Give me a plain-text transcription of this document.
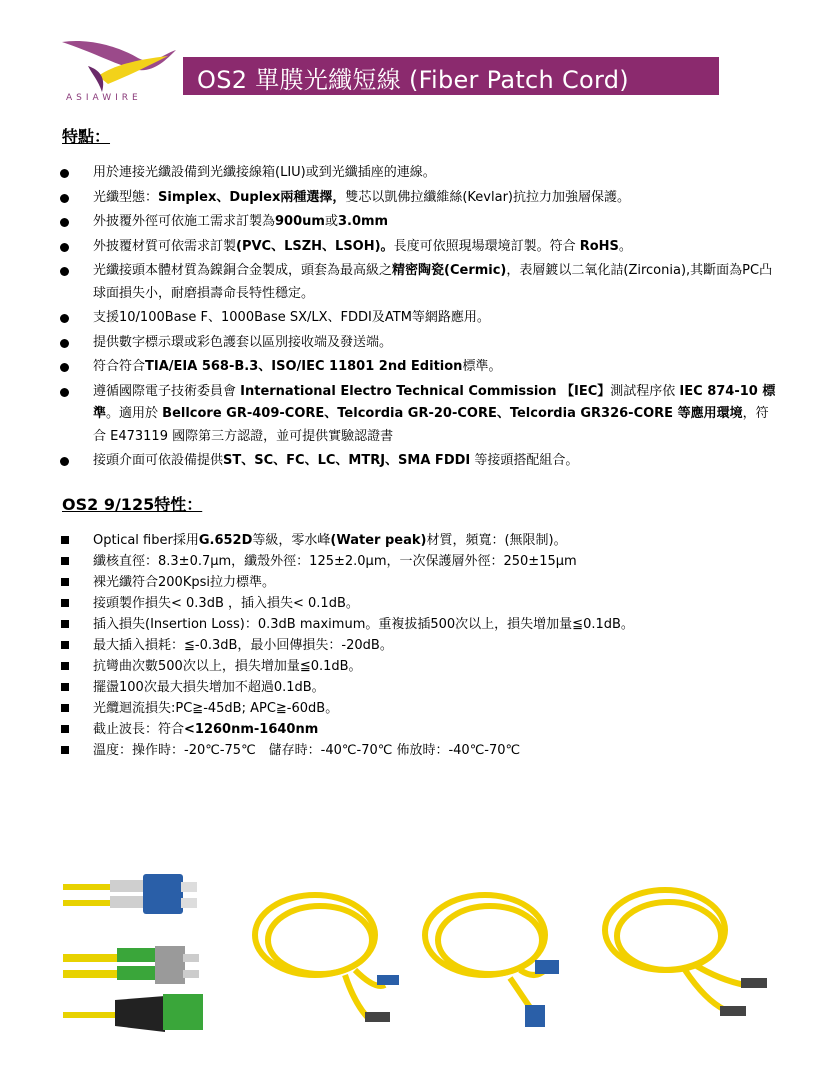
ASIAWIRE
OS2 單膜光纖短線 (Fiber Patch Cord)
特點：
用於連接光纖設備到光纖接線箱(LIU)或到光纖插座的連線。
光纖型態：Simplex、Duplex兩種選擇，雙芯以凱佛拉纖維絲(Kevlar)抗拉力加強層保護。
外披覆外徑可依施工需求訂製為900um或3.0mm
外披覆材質可依需求訂製(PVC、LSZH、LSOH)。長度可依照現場環境訂製。符合 RoHS。
光纖接頭本體材質為鎳銅合金製成，頭套為最高級之精密陶瓷(Cermic)，表層鍍以二氧化詰(Zirconia),其斷面為PC凸球面損失小，耐磨損壽命長特性穩定。
支援10/100Base F、1000Base SX/LX、FDDI及ATM等網路應用。
提供數字標示環或彩色護套以區別接收端及發送端。
符合符合TIA/EIA 568-B.3、ISO/IEC 11801 2nd Edition標準。
遵循國際電子技術委員會 International Electro Technical Commission 【IEC】測試程序依 IEC 874-10 標準。適用於 Bellcore GR-409-CORE、Telcordia GR-20-CORE、Telcordia GR326-CORE 等應用環境，符合 E473119 國際第三方認證，並可提供實驗認證書
接頭介面可依設備提供ST、SC、FC、LC、MTRJ、SMA FDDI 等接頭搭配組合。
OS2 9/125特性：
Optical fiber採用G.652D等級，零水峰(Water peak)材質，頻寬：(無限制)。
纖核直徑：8.3±0.7μm，纖殼外徑：125±2.0μm，一次保護層外徑：250±15μm
裸光纖符合200Kpsi拉力標準。
接頭製作損失< 0.3dB ，插入損失< 0.1dB。
插入損失(Insertion Loss)：0.3dB maximum。重複拔插500次以上，損失增加量≦0.1dB。
最大插入損耗：≦-0.3dB，最小回傳損失：-20dB。
抗彎曲次數500次以上，損失增加量≦0.1dB。
擺盪100次最大損失增加不超過0.1dB。
光纜迴流損失:PC≧-45dB; APC≧-60dB。
截止波長：符合<1260nm-1640nm
溫度：操作時：-20℃-75℃　儲存時：-40℃-70℃ 佈放時：-40℃-70℃
